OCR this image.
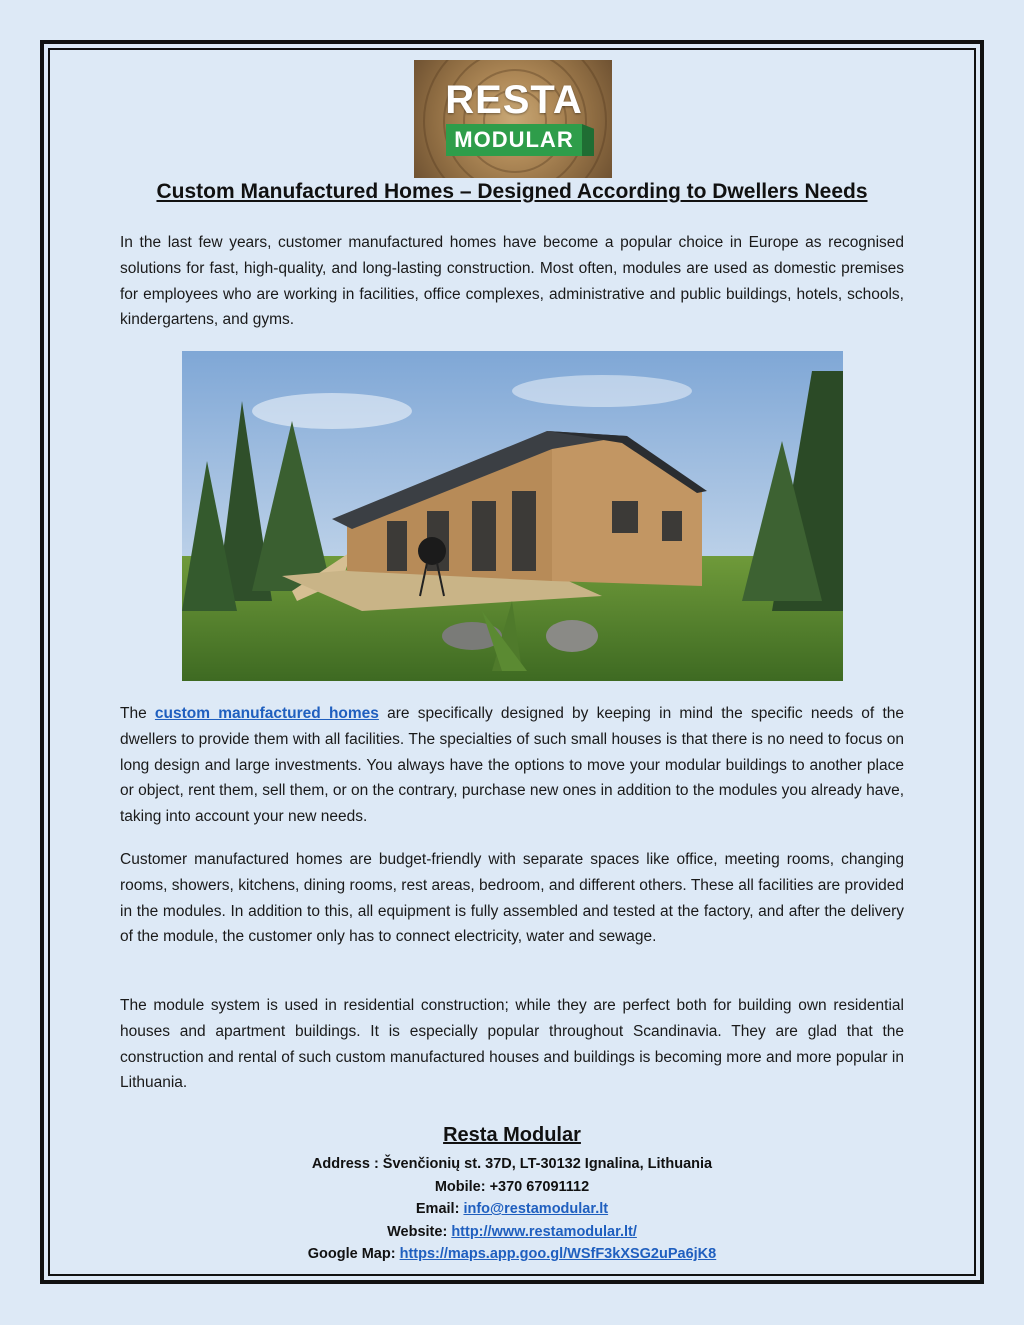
RESTA
MODULAR
Custom Manufactured Homes – Designed According to Dwellers Needs

In the last few years, customer manufactured homes have become a popular choice in Europe as recognised solutions for fast, high-quality, and long-lasting construction. Most often, modules are used as domestic premises for employees who are working in facilities, office complexes, administrative and public buildings, hotels, schools, kindergartens, and gyms.

The custom manufactured homes are specifically designed by keeping in mind the specific needs of the dwellers to provide them with all facilities. The specialties of such small houses is that there is no need to focus on long design and large investments. You always have the options to move your modular buildings to another place or object, rent them, sell them, or on the contrary, purchase new ones in addition to the modules you already have, taking into account your new needs.

Customer manufactured homes are budget-friendly with separate spaces like office, meeting rooms, changing rooms, showers, kitchens, dining rooms, rest areas, bedroom, and different others. These all facilities are provided in the modules. In addition to this, all equipment is fully assembled and tested at the factory, and after the delivery of the module, the customer only has to connect electricity, water and sewage.

The module system is used in residential construction; while they are perfect both for building own residential houses and apartment buildings. It is especially popular throughout Scandinavia. They are glad that the construction and rental of such custom manufactured houses and buildings is becoming more and more popular in Lithuania.

Resta Modular
Address : Švenčionių st. 37D, LT-30132 Ignalina, Lithuania
Mobile: +370 67091112
Email: info@restamodular.lt
Website: http://www.restamodular.lt/
Google Map: https://maps.app.goo.gl/WSfF3kXSG2uPa6jK8
